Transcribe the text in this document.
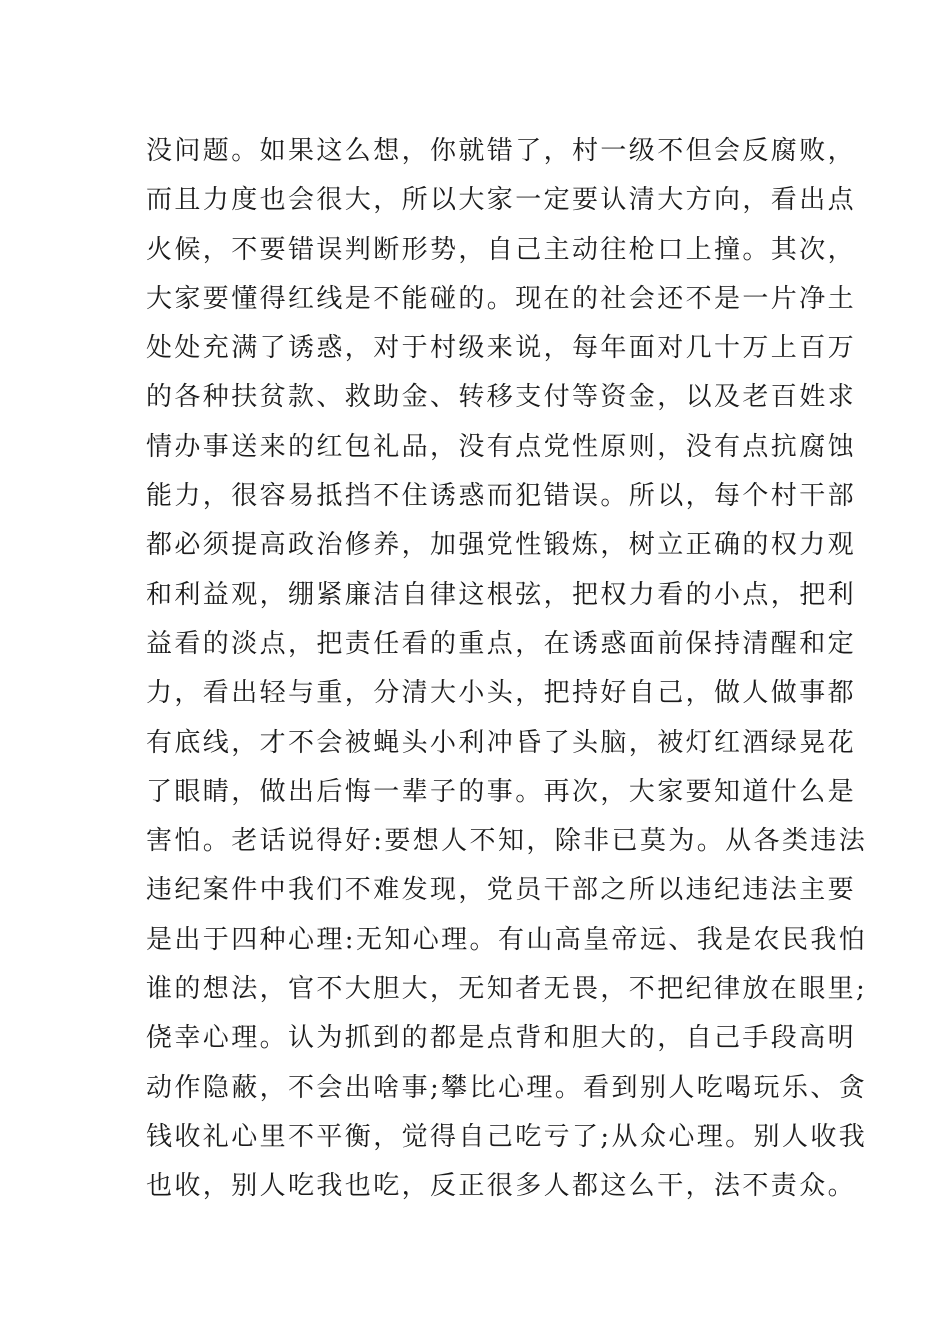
没问题。如果这么想，你就错了，村一级不但会反腐败，
而且力度也会很大，所以大家一定要认清大方向，看出点
火候，不要错误判断形势，自己主动往枪口上撞。其次，
大家要懂得红线是不能碰的。现在的社会还不是一片净土
处处充满了诱惑，对于村级来说，每年面对几十万上百万
的各种扶贫款、救助金、转移支付等资金，以及老百姓求
情办事送来的红包礼品，没有点党性原则，没有点抗腐蚀
能力，很容易抵挡不住诱惑而犯错误。所以，每个村干部
都必须提高政治修养，加强党性锻炼，树立正确的权力观
和利益观，绷紧廉洁自律这根弦，把权力看的小点，把利
益看的淡点，把责任看的重点，在诱惑面前保持清醒和定
力，看出轻与重，分清大小头，把持好自己，做人做事都
有底线，才不会被蝇头小利冲昏了头脑，被灯红酒绿晃花
了眼睛，做出后悔一辈子的事。再次，大家要知道什么是
害怕。老话说得好:要想人不知，除非已莫为。从各类违法
违纪案件中我们不难发现，党员干部之所以违纪违法主要
是出于四种心理:无知心理。有山高皇帝远、我是农民我怕
谁的想法，官不大胆大，无知者无畏，不把纪律放在眼里;
侥幸心理。认为抓到的都是点背和胆大的，自己手段高明
动作隐蔽，不会出啥事;攀比心理。看到别人吃喝玩乐、贪
钱收礼心里不平衡，觉得自己吃亏了;从众心理。别人收我
也收，别人吃我也吃，反正很多人都这么干，法不责众。
